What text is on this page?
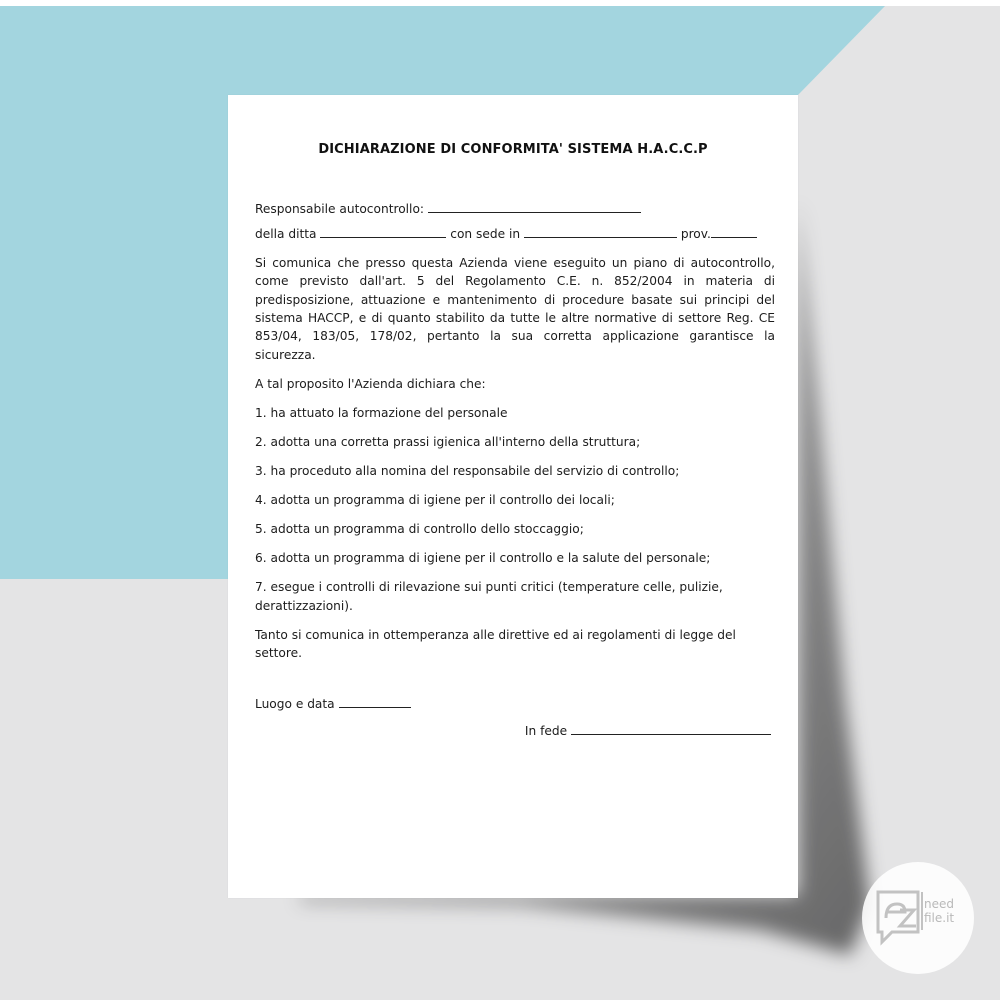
DICHIARAZIONE DI CONFORMITA' SISTEMA H.A.C.C.P
Responsabile autocontrollo:
della ditta	con sede in	prov.
Si comunica che presso questa Azienda viene eseguito un piano di autocontrollo, come previsto dall'art. 5 del Regolamento C.E. n. 852/2004 in materia di predisposizione, attuazione e mantenimento di procedure basate sui principi del sistema HACCP, e di quanto stabilito da tutte le altre normative di settore Reg. CE 853/04, 183/05, 178/02, pertanto la sua corretta applicazione garantisce la sicurezza.
A tal proposito l'Azienda dichiara che:
1. ha attuato la formazione del personale
2. adotta una corretta prassi igienica all'interno della struttura;
3. ha proceduto alla nomina del responsabile del servizio di controllo;
4. adotta un programma di igiene per il controllo dei locali;
5. adotta un programma di controllo dello stoccaggio;
6. adotta un programma di igiene per il controllo e la salute del personale;
7. esegue i controlli di rilevazione sui punti critici (temperature celle, pulizie, derattizzazioni).
Tanto si comunica in ottemperanza alle direttive ed ai regolamenti di legge del settore.
Luogo e data
In fede
need
file.it
